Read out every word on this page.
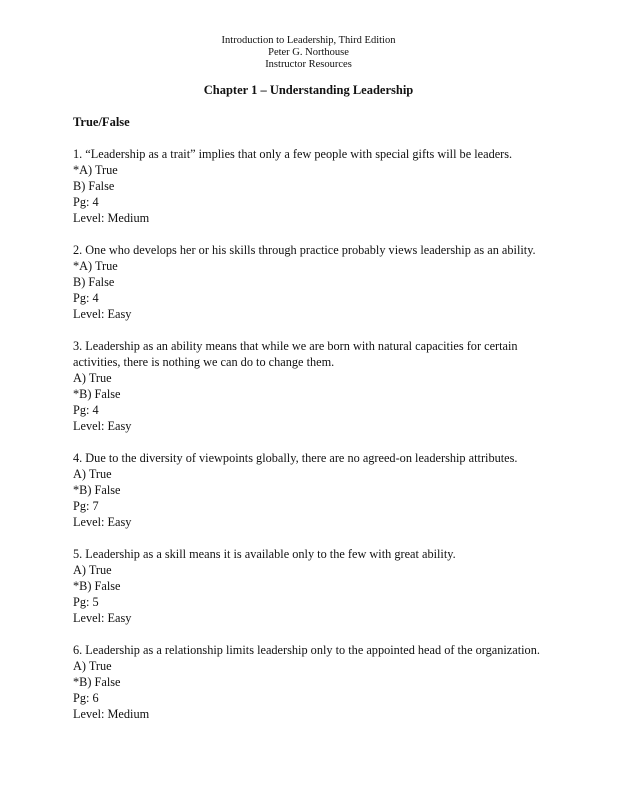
Introduction to Leadership, Third Edition
Peter G. Northouse
Instructor Resources
Chapter 1 – Understanding Leadership
True/False
1. “Leadership as a trait” implies that only a few people with special gifts will be leaders.
*A) True
B) False
Pg: 4
Level: Medium
2. One who develops her or his skills through practice probably views leadership as an ability.
*A) True
B) False
Pg: 4
Level: Easy
3. Leadership as an ability means that while we are born with natural capacities for certain
activities, there is nothing we can do to change them.
A) True
*B) False
Pg: 4
Level: Easy
4. Due to the diversity of viewpoints globally, there are no agreed-on leadership attributes.
A) True
*B) False
Pg: 7
Level: Easy
5. Leadership as a skill means it is available only to the few with great ability.
A) True
*B) False
Pg: 5
Level: Easy
6. Leadership as a relationship limits leadership only to the appointed head of the organization.
A) True
*B) False
Pg: 6
Level: Medium
